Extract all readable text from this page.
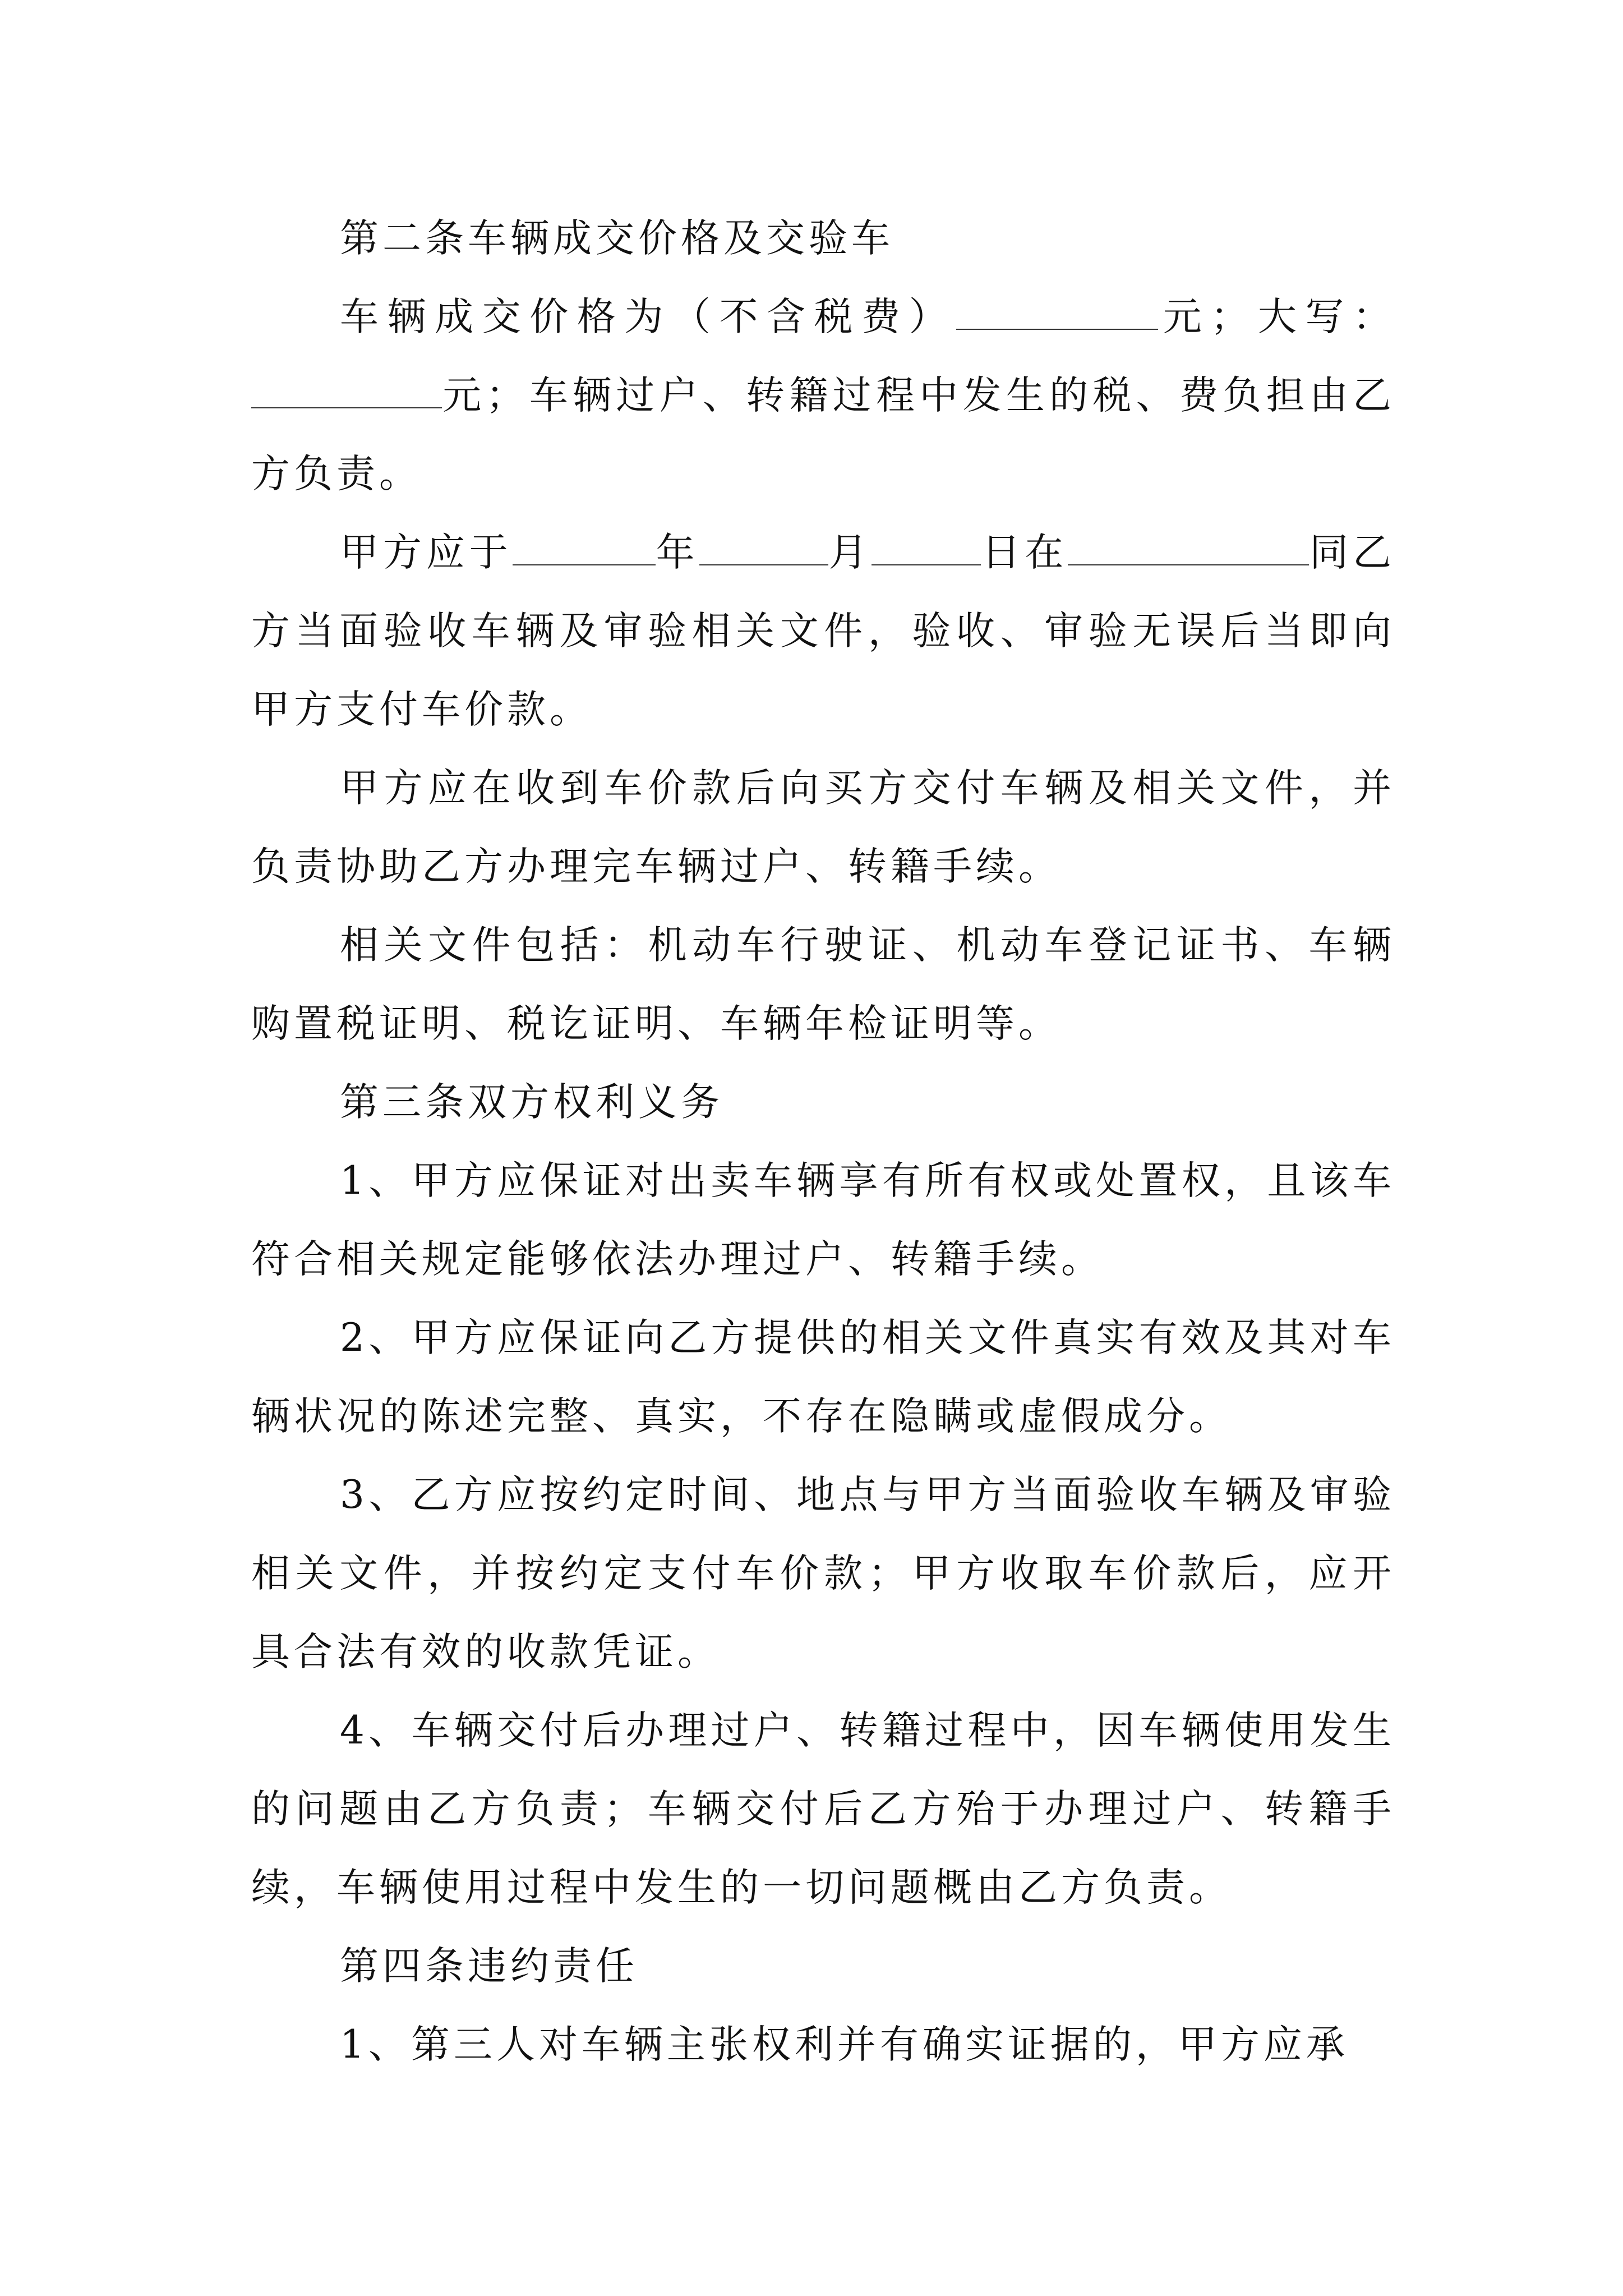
第二条车辆成交价格及交验车

车辆成交价格为（不含税费）	元；大写：元；车辆过户、转籍过程中发生的税、费负担由乙方负责。

甲方应于	年	月	日在	同乙方当面验收车辆及审验相关文件，验收、审验无误后当即向甲方支付车价款。

甲方应在收到车价款后向买方交付车辆及相关文件，并负责协助乙方办理完车辆过户、转籍手续。

相关文件包括：机动车行驶证、机动车登记证书、车辆购置税证明、税讫证明、车辆年检证明等。

第三条双方权利义务

1、甲方应保证对出卖车辆享有所有权或处置权，且该车符合相关规定能够依法办理过户、转籍手续。

2、甲方应保证向乙方提供的相关文件真实有效及其对车辆状况的陈述完整、真实，不存在隐瞒或虚假成分。

3、乙方应按约定时间、地点与甲方当面验收车辆及审验相关文件，并按约定支付车价款；甲方收取车价款后，应开具合法有效的收款凭证。

4、车辆交付后办理过户、转籍过程中，因车辆使用发生的问题由乙方负责；车辆交付后乙方殆于办理过户、转籍手续，车辆使用过程中发生的一切问题概由乙方负责。

第四条违约责任

1、第三人对车辆主张权利并有确实证据的，甲方应承
